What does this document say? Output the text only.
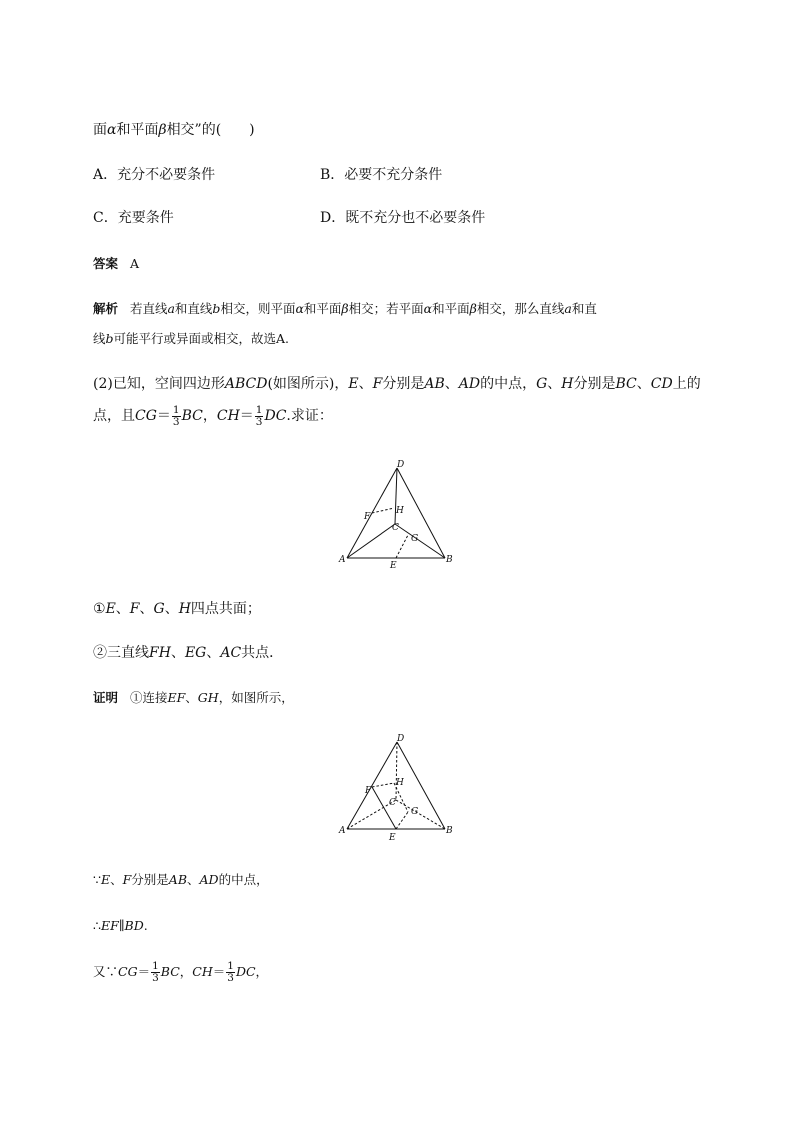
面α和平面β相交”的(　　)
A．充分不必要条件	B．必要不充分条件
C．充要条件	D．既不充分也不必要条件
答案 A
解析 若直线a和直线b相交，则平面α和平面β相交；若平面α和平面β相交，那么直线a和直
线b可能平行或异面或相交，故选A.
(2)已知，空间四边形ABCD(如图所示)，E、F分别是AB、AD的中点，G、H分别是BC、CD上的
点，且$CG= \frac{1}{3}$ BC，$CH= \frac{1}{3}$ DC.求证：
D
F
H
C
G
A
E
B
①E、F、G、H四点共面；
②三直线FH、EG、AC共点．
证明 ①连接EF、GH，如图所示，
D
F
H
C
G
A
E
B
∵E、F分别是AB、AD的中点，
∴EF∥BD.
又∵CG＝ $\frac{1}{3}$ BC，$CH= \frac{1}{3}$ DC，
